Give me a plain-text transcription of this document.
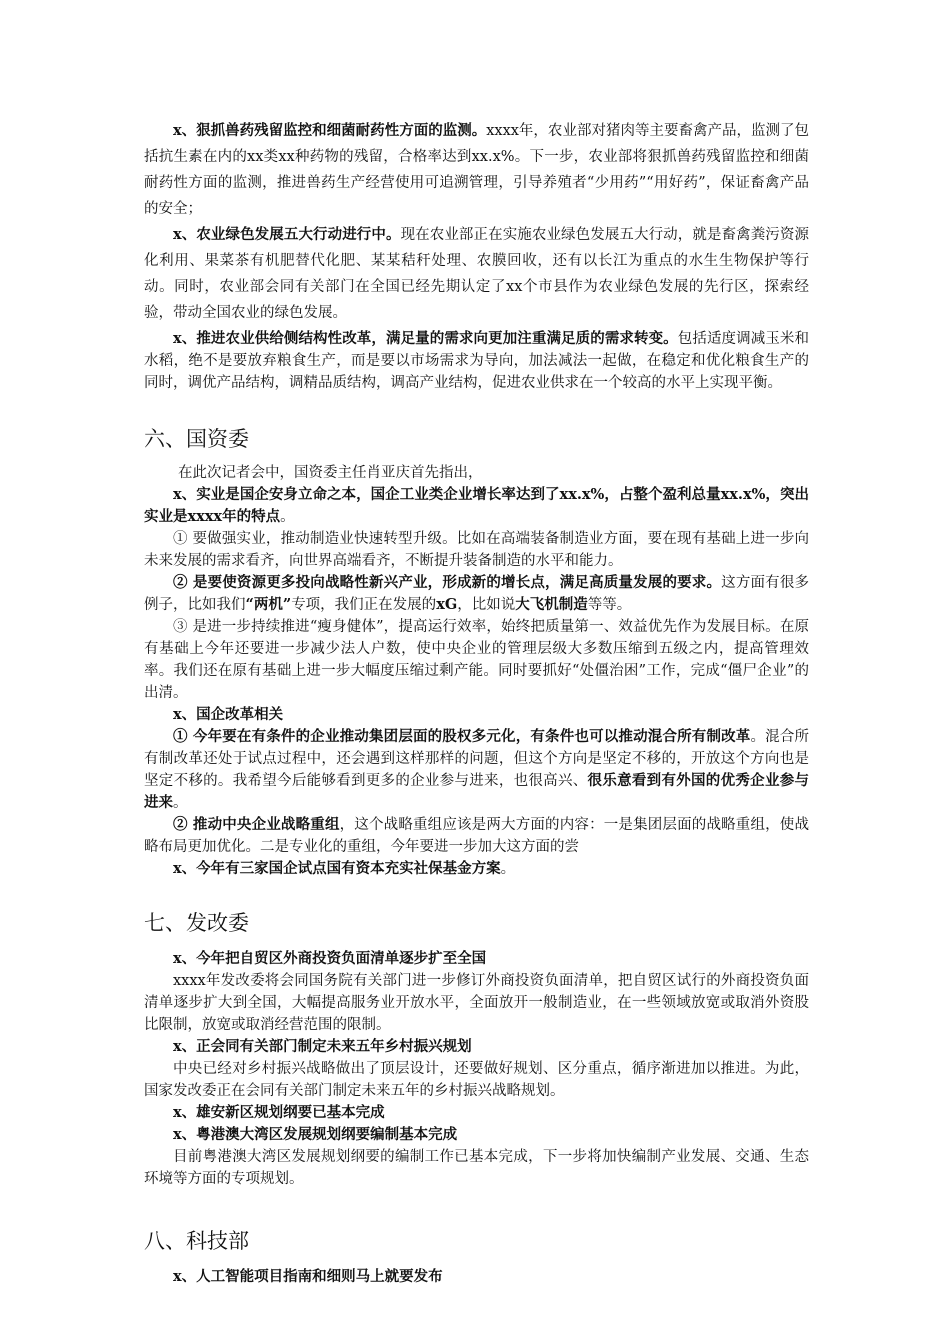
x、狠抓兽药残留监控和细菌耐药性方面的监测。xxxx年，农业部对猪肉等主要畜禽产品，监测了包括抗生素在内的xx类xx种药物的残留，合格率达到xx.x%。下一步，农业部将狠抓兽药残留监控和细菌耐药性方面的监测，推进兽药生产经营使用可追溯管理，引导养殖者“少用药”“用好药”，保证畜禽产品的安全；

x、农业绿色发展五大行动进行中。现在农业部正在实施农业绿色发展五大行动，就是畜禽粪污资源化利用、果菜茶有机肥替代化肥、某某秸秆处理、农膜回收，还有以长江为重点的水生生物保护等行动。同时，农业部会同有关部门在全国已经先期认定了xx个市县作为农业绿色发展的先行区，探索经验，带动全国农业的绿色发展。

x、推进农业供给侧结构性改革，满足量的需求向更加注重满足质的需求转变。包括适度调减玉米和水稻，绝不是要放弃粮食生产，而是要以市场需求为导向，加法减法一起做，在稳定和优化粮食生产的同时，调优产品结构，调精品质结构，调高产业结构，促进农业供求在一个较高的水平上实现平衡。

六、国资委

在此次记者会中，国资委主任肖亚庆首先指出，

x、实业是国企安身立命之本，国企工业类企业增长率达到了xx.x%，占整个盈利总量xx.x%，突出实业是xxxx年的特点。

① 要做强实业，推动制造业快速转型升级。比如在高端装备制造业方面，要在现有基础上进一步向未来发展的需求看齐，向世界高端看齐，不断提升装备制造的水平和能力。

② 是要使资源更多投向战略性新兴产业，形成新的增长点，满足高质量发展的要求。这方面有很多例子，比如我们“两机”专项，我们正在发展的xG，比如说大飞机制造等等。

③ 是进一步持续推进“瘦身健体”，提高运行效率，始终把质量第一、效益优先作为发展目标。在原有基础上今年还要进一步减少法人户数，使中央企业的管理层级大多数压缩到五级之内，提高管理效率。我们还在原有基础上进一步大幅度压缩过剩产能。同时要抓好“处僵治困”工作，完成“僵尸企业”的出清。

x、国企改革相关

① 今年要在有条件的企业推动集团层面的股权多元化，有条件也可以推动混合所有制改革。混合所有制改革还处于试点过程中，还会遇到这样那样的问题，但这个方向是坚定不移的，开放这个方向也是坚定不移的。我希望今后能够看到更多的企业参与进来，也很高兴、很乐意看到有外国的优秀企业参与进来。

② 推动中央企业战略重组，这个战略重组应该是两大方面的内容：一是集团层面的战略重组，使战略布局更加优化。二是专业化的重组，今年要进一步加大这方面的尝

x、今年有三家国企试点国有资本充实社保基金方案。

七、发改委

x、今年把自贸区外商投资负面清单逐步扩至全国

xxxx年发改委将会同国务院有关部门进一步修订外商投资负面清单，把自贸区试行的外商投资负面清单逐步扩大到全国，大幅提高服务业开放水平，全面放开一般制造业，在一些领域放宽或取消外资股比限制，放宽或取消经营范围的限制。

x、正会同有关部门制定未来五年乡村振兴规划

中央已经对乡村振兴战略做出了顶层设计，还要做好规划、区分重点，循序渐进加以推进。为此，国家发改委正在会同有关部门制定未来五年的乡村振兴战略规划。

x、雄安新区规划纲要已基本完成

x、粤港澳大湾区发展规划纲要编制基本完成

目前粤港澳大湾区发展规划纲要的编制工作已基本完成，下一步将加快编制产业发展、交通、生态环境等方面的专项规划。

八、科技部

x、人工智能项目指南和细则马上就要发布
